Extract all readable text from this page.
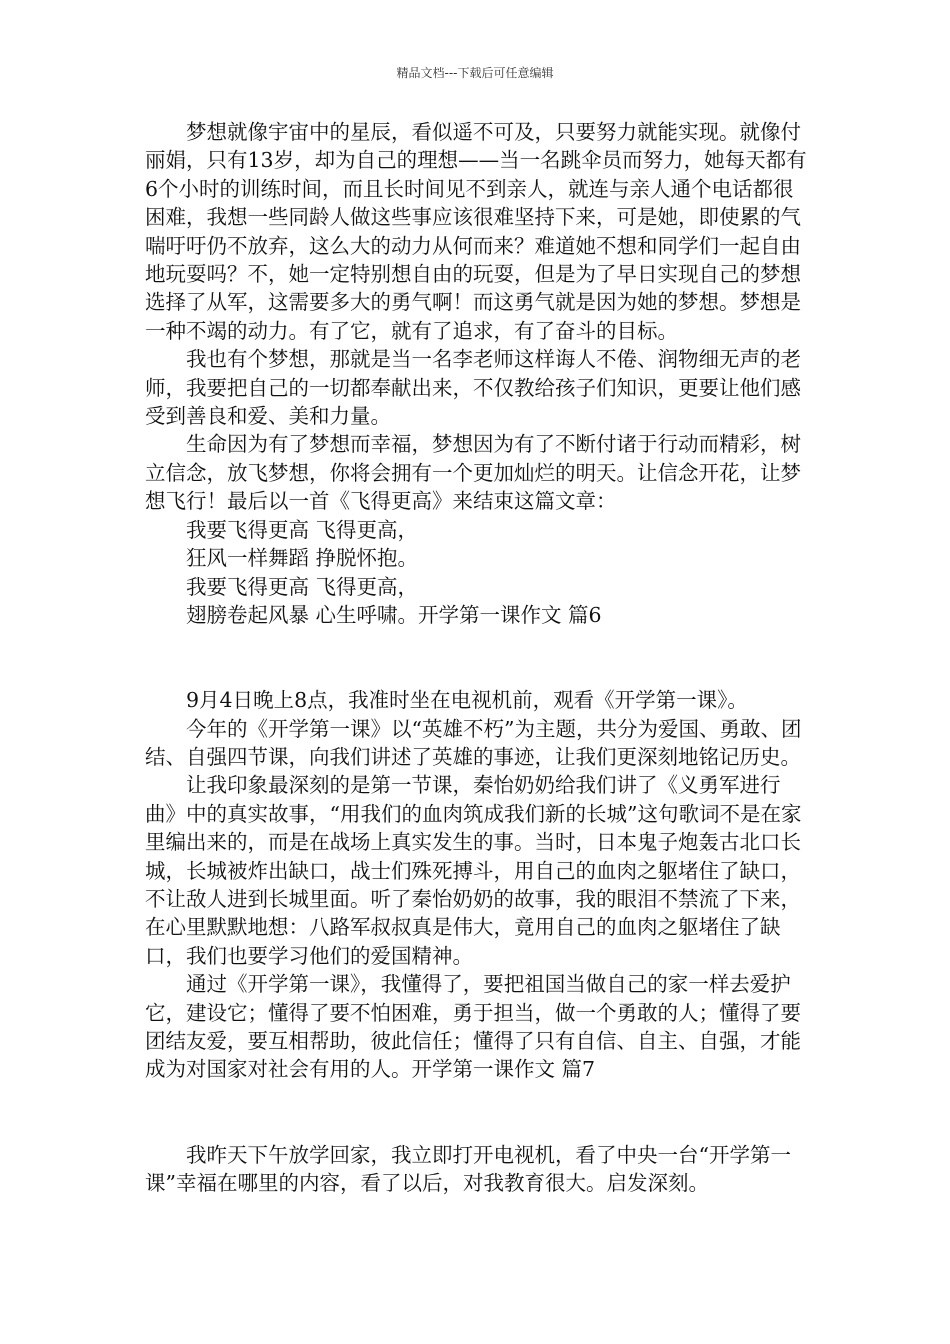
精品文档---下载后可任意编辑

梦想就像宇宙中的星辰，看似遥不可及，只要努力就能实现。就像付丽娟，只有13岁，却为自己的理想——当一名跳伞员而努力，她每天都有6个小时的训练时间，而且长时间见不到亲人，就连与亲人通个电话都很困难，我想一些同龄人做这些事应该很难坚持下来，可是她，即使累的气喘吁吁仍不放弃，这么大的动力从何而来？难道她不想和同学们一起自由地玩耍吗？不，她一定特别想自由的玩耍，但是为了早日实现自己的梦想选择了从军，这需要多大的勇气啊！而这勇气就是因为她的梦想。梦想是一种不竭的动力。有了它，就有了追求，有了奋斗的目标。

我也有个梦想，那就是当一名李老师这样诲人不倦、润物细无声的老师，我要把自己的一切都奉献出来，不仅教给孩子们知识，更要让他们感受到善良和爱、美和力量。

生命因为有了梦想而幸福，梦想因为有了不断付诸于行动而精彩，树立信念，放飞梦想，你将会拥有一个更加灿烂的明天。让信念开花，让梦想飞行！最后以一首《飞得更高》来结束这篇文章：

我要飞得更高 飞得更高，

狂风一样舞蹈 挣脱怀抱。

我要飞得更高 飞得更高，

翅膀卷起风暴 心生呼啸。开学第一课作文 篇6

9月4日晚上8点，我准时坐在电视机前，观看《开学第一课》。

今年的《开学第一课》以“英雄不朽”为主题，共分为爱国、勇敢、团结、自强四节课，向我们讲述了英雄的事迹，让我们更深刻地铭记历史。

让我印象最深刻的是第一节课，秦怡奶奶给我们讲了《义勇军进行曲》中的真实故事，“用我们的血肉筑成我们新的长城”这句歌词不是在家里编出来的，而是在战场上真实发生的事。当时，日本鬼子炮轰古北口长城，长城被炸出缺口，战士们殊死搏斗，用自己的血肉之躯堵住了缺口，不让敌人进到长城里面。听了秦怡奶奶的故事，我的眼泪不禁流了下来，在心里默默地想：八路军叔叔真是伟大，竟用自己的血肉之躯堵住了缺口，我们也要学习他们的爱国精神。

通过《开学第一课》，我懂得了，要把祖国当做自己的家一样去爱护它，建设它；懂得了要不怕困难，勇于担当，做一个勇敢的人；懂得了要团结友爱，要互相帮助，彼此信任；懂得了只有自信、自主、自强，才能成为对国家对社会有用的人。开学第一课作文 篇7

我昨天下午放学回家，我立即打开电视机，看了中央一台“开学第一课”幸福在哪里的内容，看了以后，对我教育很大。启发深刻。
